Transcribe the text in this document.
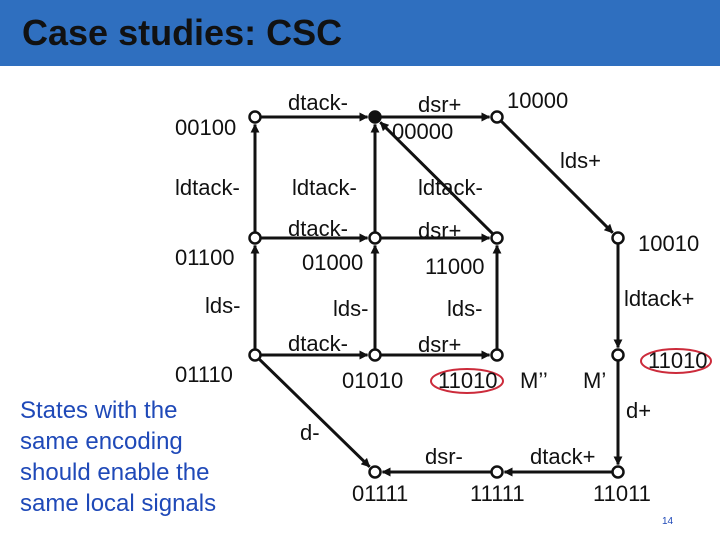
Case studies: CSC
00100	00000
10000
01100	01000	11000
10010
01110	01010 11010 M’’ M’
11010
01111	11111	11011
dtack-	dsr+
lds+
ldtack- ldtack-	ldtack-
dtack-	dsr+
lds-	lds-	lds-	ldtack+
dtack-	dsr+
d-
d+
dsr-	dtack+
States with the
same encoding
should enable the
same local signals
14
